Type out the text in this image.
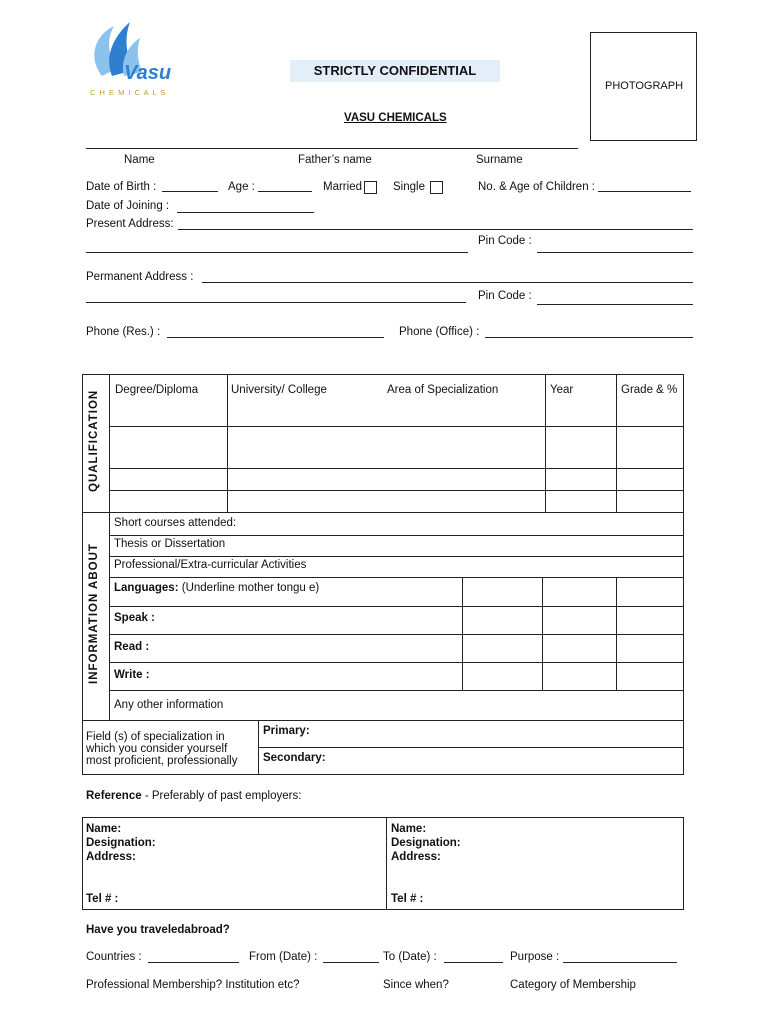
Vasu
C H E M I C A L S
STRICTLY CONFIDENTIAL
VASU CHEMICALS
PHOTOGRAPH
Name	Father’s name	Surname
Date of Birth :	Age :	Married	Single	No. & Age of Children :
Date of Joining :
Present Address:
Pin Code :
Permanent Address :
Pin Code :
Phone (Res.) :	Phone (Office) :
QUALIFICATION Degree/Diploma	University/ College	Area of Specialization	Year	Grade & %
INFORMATION ABOUT
Short courses attended:
Thesis or Dissertation
Professional/Extra-curricular Activities
Languages: (Underline mother tongu e)
Speak :
Read :
Write :
Any other information
Field (s) of specialization in
which you consider yourself
most proficient, professionally
Primary:
Secondary:
Reference - Preferably of past employers:
Name:
Designation:
Address:
Tel # :
Name:
Designation:
Address:
Tel # :
Have you traveledabroad?
Countries :	From (Date) :	To (Date) :	Purpose :
Professional Membership? Institution etc?	Since when?	Category of Membership
